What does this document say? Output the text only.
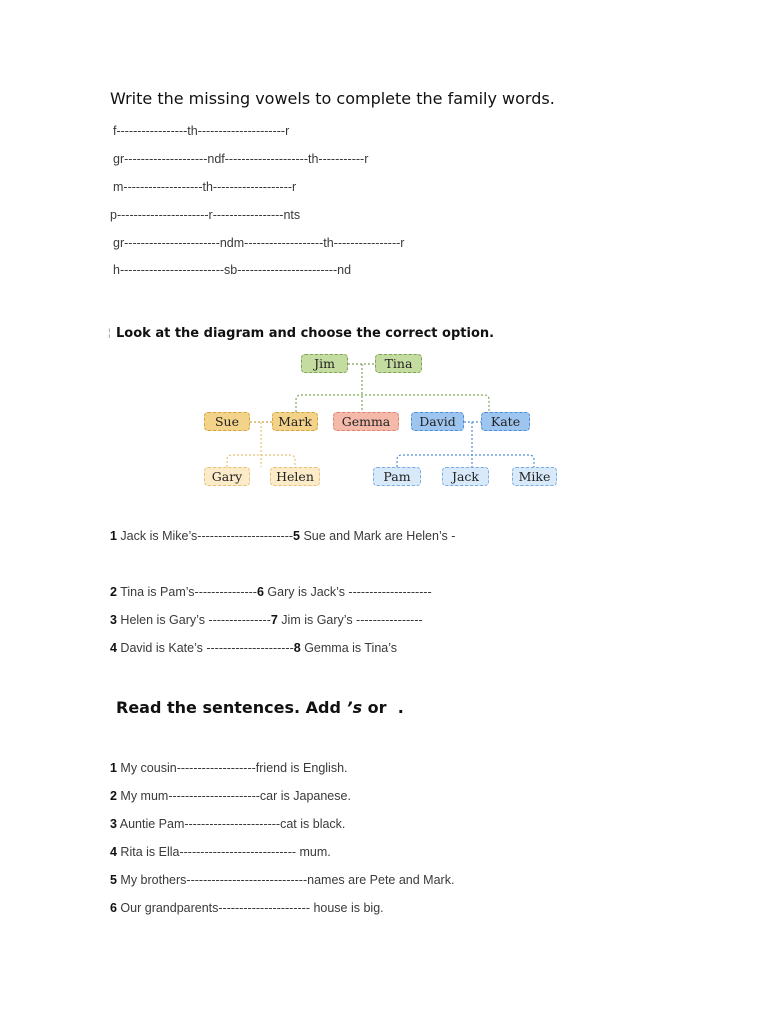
Write the missing vowels to complete the family words.
f-----------------th---------------------r
gr--------------------ndf--------------------th-----------r
m-------------------th-------------------r
p----------------------r-----------------nts
gr-----------------------ndm-------------------th----------------r
h-------------------------sb------------------------nd
¦ Look at the diagram and choose the correct option.
Jim	Tina
Sue	Mark	Gemma	David	Kate
Gary	Helen	Pam	Jack	Mike
1 Jack is Mike’s-----------------------5 Sue and Mark are Helen’s -
2 Tina is Pam’s---------------6 Gary is Jack’s --------------------
3 Helen is Gary’s ---------------7 Jim is Gary’s ----------------
4 David is Kate’s ---------------------8 Gemma is Tina’s
Read the sentences. Add ’s or  .
1 My cousin-------------------friend is English.
2 My mum----------------------car is Japanese.
3 Auntie Pam-----------------------cat is black.
4 Rita is Ella---------------------------- mum.
5 My brothers-----------------------------names are Pete and Mark.
6 Our grandparents---------------------- house is big.
